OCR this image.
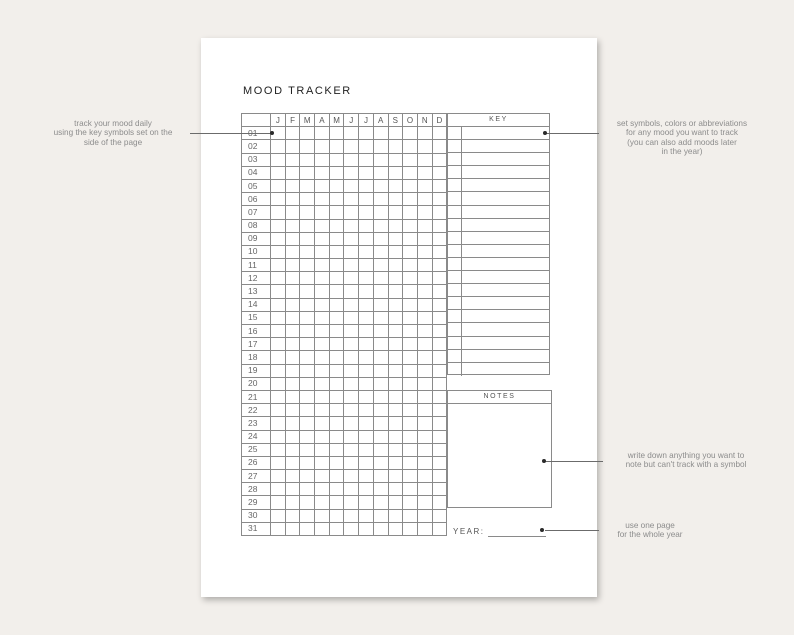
MOOD TRACKER
	J	F	M	A	M	J	J	A	S	O	N	D
01												
02												
03												
04												
05												
06												
07												
08												
09												
10												
11												
12												
13												
14												
15												
16												
17												
18												
19												
20												
21												
22												
23												
24												
25												
26												
27												
28												
29												
30												
31												
KEY
NOTES
YEAR:
track your mood daily
using the key symbols set on the
side of the page
set symbols, colors or abbreviations
for any mood you want to track
(you can also add moods later
in the year)
write down anything you want to
note but can't track with a symbol
use one page
for the whole year
